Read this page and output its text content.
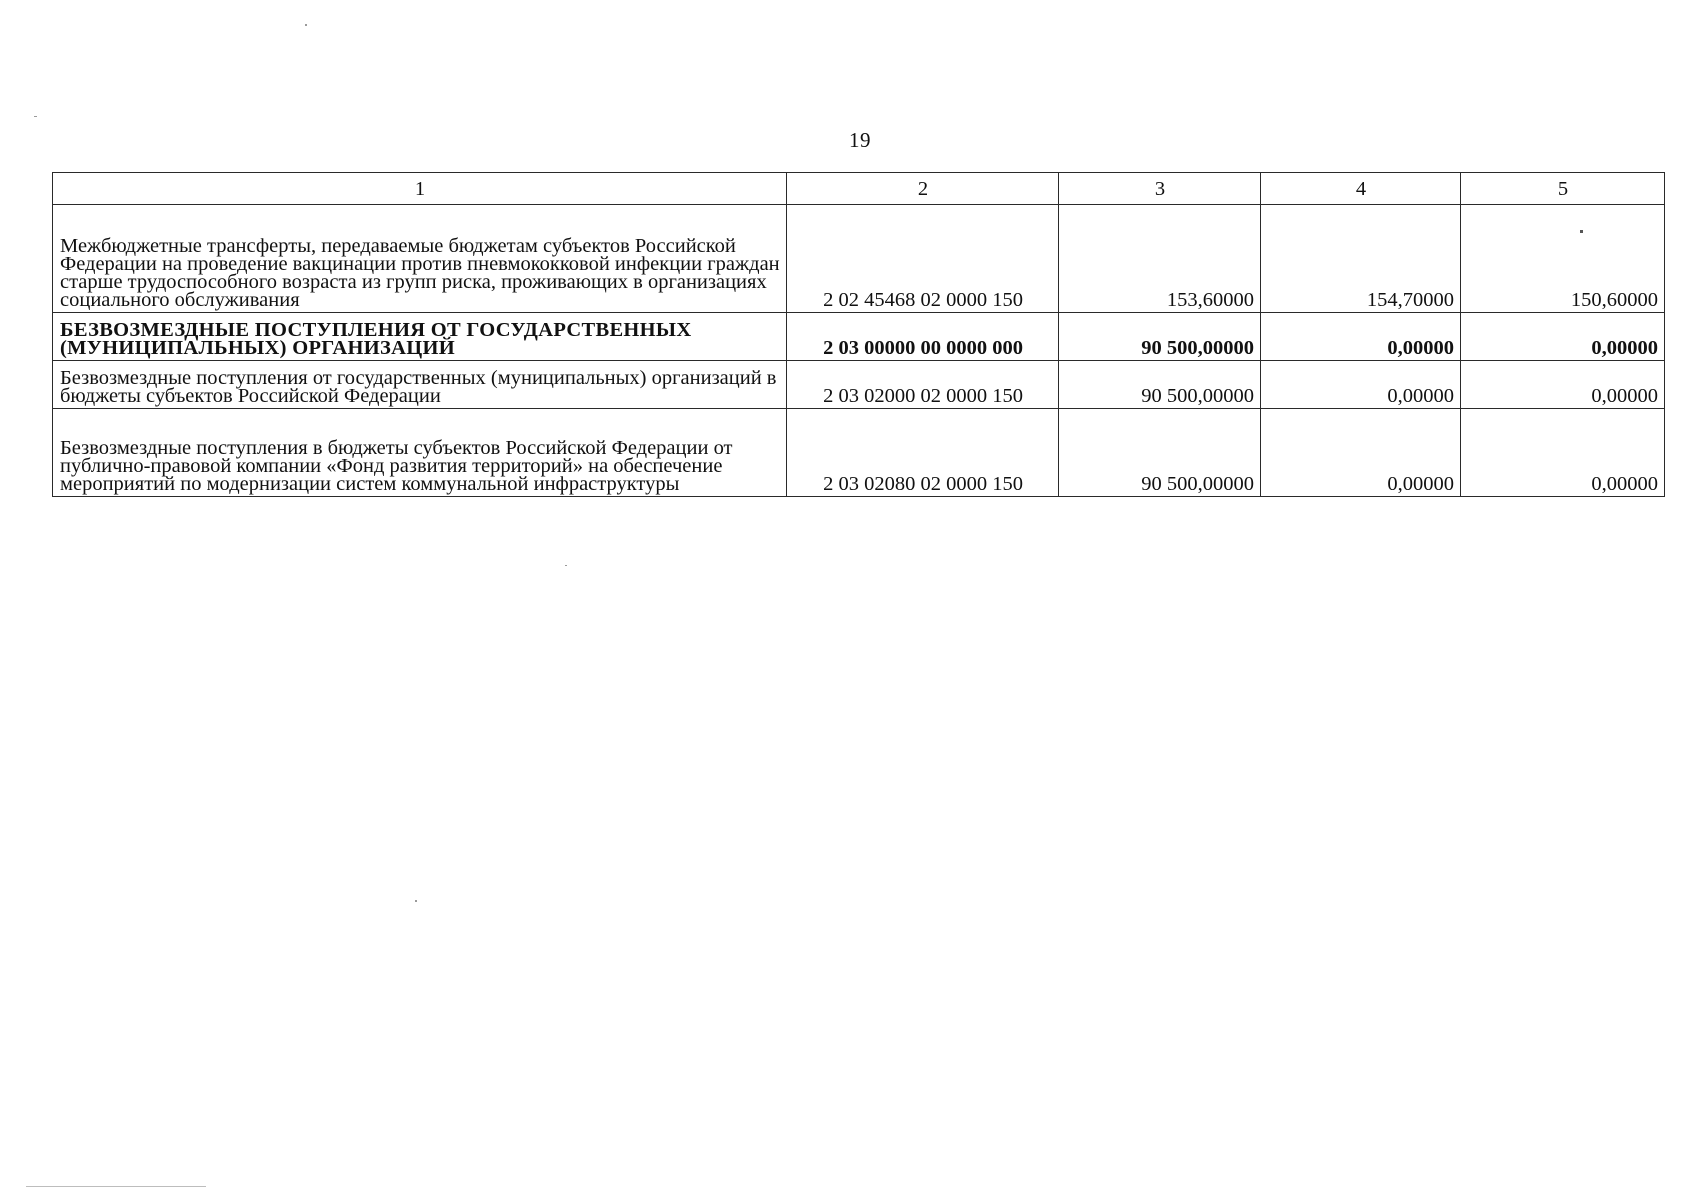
19
1	2	3	4	5
Межбюджетные трансферты, передаваемые бюджетам субъектов Российской Федерации на проведение вакцинации против пневмококковой инфекции граждан старше трудоспособного возраста из групп риска, проживающих в организациях социального обслуживания	2 02 45468 02 0000 150	153,60000	154,70000	150,60000
БЕЗВОЗМЕЗДНЫЕ ПОСТУПЛЕНИЯ ОТ ГОСУДАРСТВЕННЫХ (МУНИЦИПАЛЬНЫХ) ОРГАНИЗАЦИЙ	2 03 00000 00 0000 000	90 500,00000	0,00000	0,00000
Безвозмездные поступления от государственных (муниципальных) организаций в бюджеты субъектов Российской Федерации	2 03 02000 02 0000 150	90 500,00000	0,00000	0,00000
Безвозмездные поступления в бюджеты субъектов Российской Федерации от публично-правовой компании «Фонд развития территорий» на обеспечение мероприятий по модернизации систем коммунальной инфраструктуры	2 03 02080 02 0000 150	90 500,00000	0,00000	0,00000
